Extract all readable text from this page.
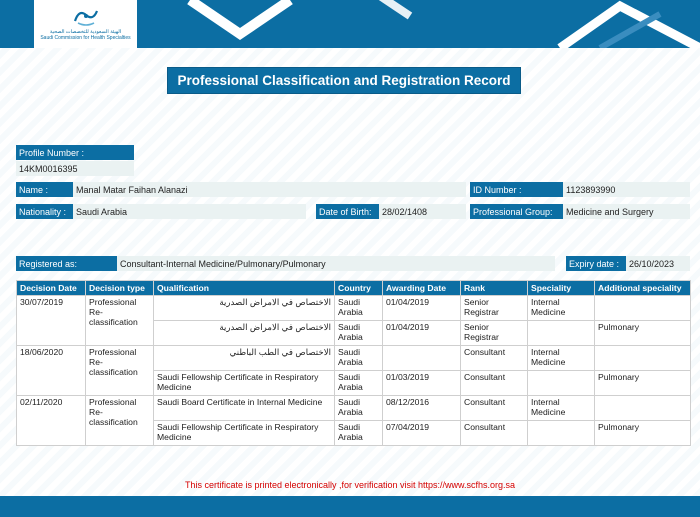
الهيئة السعودية للتخصصات الصحية
Saudi Commission for Health Specialties
Professional Classification and Registration Record
Profile Number :
14KM0016395
Name :	Manal Matar Faihan Alanazi	ID Number :	1123893990
Nationality :	Saudi Arabia	Date of Birth:	28/02/1408	Professional Group:	Medicine and Surgery
Registered as:	Consultant-Internal Medicine/Pulmonary/Pulmonary	Expiry date :	26/10/2023
Decision Date	Decision type	Qualification	Country	Awarding Date	Rank	Speciality	Additional speciality
30/07/2019	Professional Re-classification	الاختصاص في الامراض الصدرية	Saudi Arabia	01/04/2019	Senior Registrar	Internal Medicine	
		الاختصاص في الامراض الصدرية	Saudi Arabia	01/04/2019	Senior Registrar		Pulmonary
18/06/2020	Professional Re-classification	الاختصاص في الطب الباطني	Saudi Arabia		Consultant	Internal Medicine	
		Saudi Fellowship Certificate in Respiratory Medicine	Saudi Arabia	01/03/2019	Consultant		Pulmonary
02/11/2020	Professional Re-classification	Saudi Board Certificate in Internal Medicine	Saudi Arabia	08/12/2016	Consultant	Internal Medicine	
		Saudi Fellowship Certificate in Respiratory Medicine	Saudi Arabia	07/04/2019	Consultant		Pulmonary
This certificate is printed electronically ,for verification visit https://www.scfhs.org.sa
